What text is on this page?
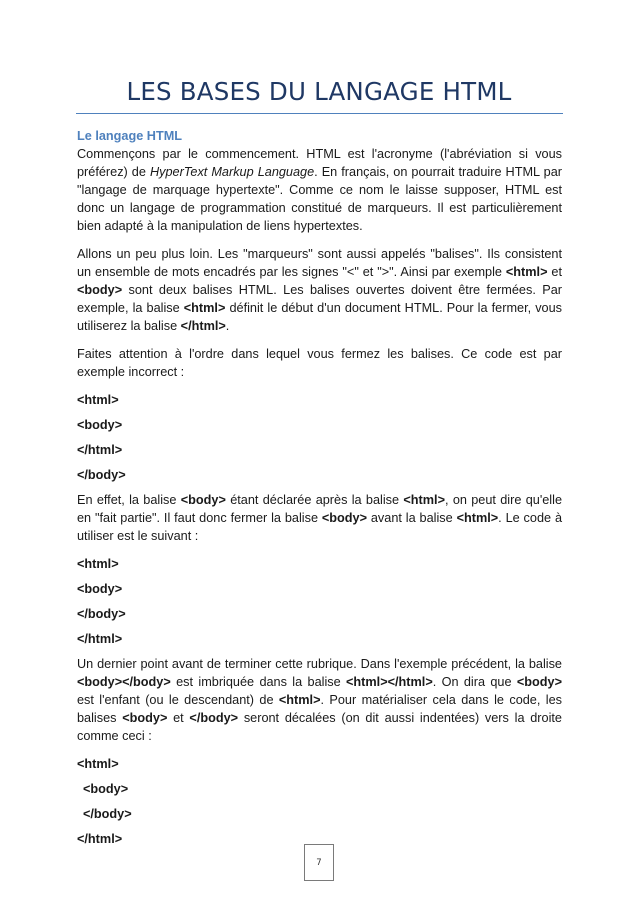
LES BASES DU LANGAGE HTML
Le langage HTML

Commençons par le commencement. HTML est l'acronyme (l'abréviation si vous préférez) de HyperText Markup Language. En français, on pourrait traduire HTML par "langage de marquage hypertexte". Comme ce nom le laisse supposer, HTML est donc un langage de programmation constitué de marqueurs. Il est particulièrement bien adapté à la manipulation de liens hypertextes.

Allons un peu plus loin. Les "marqueurs" sont aussi appelés "balises". Ils consistent un ensemble de mots encadrés par les signes "<" et ">". Ainsi par exemple <html> et <body> sont deux balises HTML. Les balises ouvertes doivent être fermées. Par exemple, la balise <html> définit le début d'un document HTML. Pour la fermer, vous utiliserez la balise </html>.

Faites attention à l'ordre dans lequel vous fermez les balises. Ce code est par exemple incorrect :

<html>

<body>

</html>

</body>

En effet, la balise <body> étant déclarée après la balise <html>, on peut dire qu'elle en "fait partie". Il faut donc fermer la balise <body> avant la balise <html>. Le code à utiliser est le suivant :

<html>

<body>

</body>

</html>

Un dernier point avant de terminer cette rubrique. Dans l'exemple précédent, la balise <body></body> est imbriquée dans la balise <html></html>. On dira que <body> est l'enfant (ou le descendant) de <html>. Pour matérialiser cela dans le code, les balises <body> et </body> seront décalées (on dit aussi indentées) vers la droite comme ceci :

<html>

<body>

</body>

</html>

7
